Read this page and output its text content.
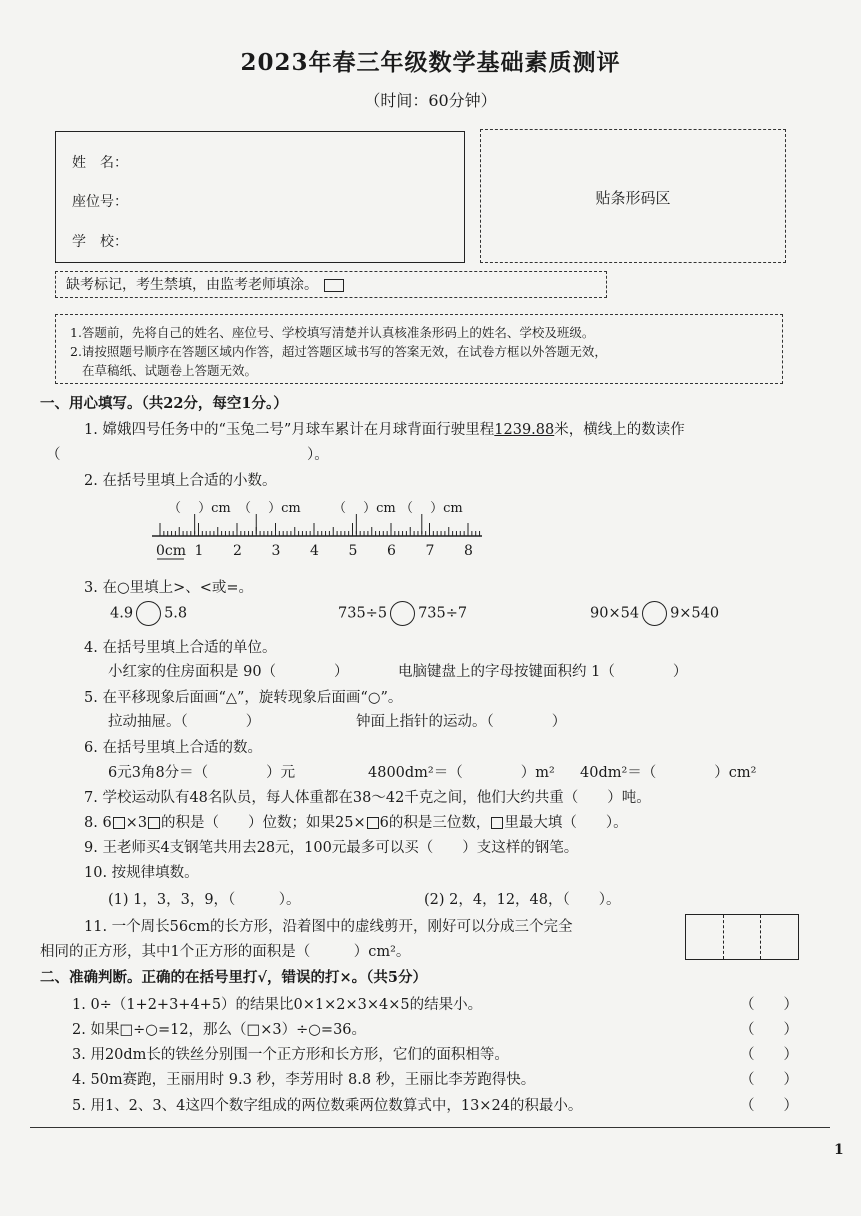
2023年春三年级数学基础素质测评
（时间：60分钟）
姓　名：
座位号：
学　校：
贴条形码区
缺考标记，考生禁填，由监考老师填涂。
1.答题前，先将自己的姓名、座位号、学校填写清楚并认真核准条形码上的姓名、学校及班级。
2.请按照题号顺序在答题区域内作答，超过答题区域书写的答案无效，在试卷方框以外答题无效，
在草稿纸、试题卷上答题无效。
一、用心填写。（共22分，每空1分。）
1. 嫦娥四号任务中的“玉兔二号”月球车累计在月球背面行驶里程1239.88米，横线上的数读作
（　　　　　　　　　　　　　　　　　）。
2. 在括号里填上合适的小数。
（　 ）cm （　 ）cm （　 ）cm （　 ）cm
0cm 1 2 3 4 5 6 7 8
3. 在○里填上>、<或=。
4.9 5.8	735÷5 735÷7	90×54 9×540
4. 在括号里填上合适的单位。
小红家的住房面积是 90（　　　　）	电脑键盘上的字母按键面积约 1（　　　　）
5. 在平移现象后面画“△”，旋转现象后面画“○”。
拉动抽屉。（　　　　）	钟面上指针的运动。（　　　　）
6. 在括号里填上合适的数。
6元3角8分＝（　　　　）元	4800dm²＝（　　　　）m² 40dm²＝（　　　　）cm²
7. 学校运动队有48名队员，每人体重都在38～42千克之间，他们大约共重（　　）吨。
8. 6 ×3 的积是（　　）位数；如果25× 6的积是三位数， 里最大填（　　）。
9. 王老师买4支钢笔共用去28元，100元最多可以买（　　）支这样的钢笔。
10. 按规律填数。
(1) 1，3，3，9，（　　　）。	(2) 2，4，12，48，（　　）。
11. 一个周长56cm的长方形，沿着图中的虚线剪开，刚好可以分成三个完全
相同的正方形，其中1个正方形的面积是（　　　）cm²。
二、准确判断。正确的在括号里打√，错误的打×。（共5分）
1. 0÷（1+2+3+4+5）的结果比0×1×2×3×4×5的结果小。	（　　）
2. 如果□÷○=12，那么（□×3）÷○=36。	（　　）
3. 用20dm长的铁丝分别围一个正方形和长方形，它们的面积相等。	（　　）
4. 50m赛跑，王丽用时 9.3 秒，李芳用时 8.8 秒，王丽比李芳跑得快。	（　　）
5. 用1、2、3、4这四个数字组成的两位数乘两位数算式中，13×24的积最小。	（　　）
1
